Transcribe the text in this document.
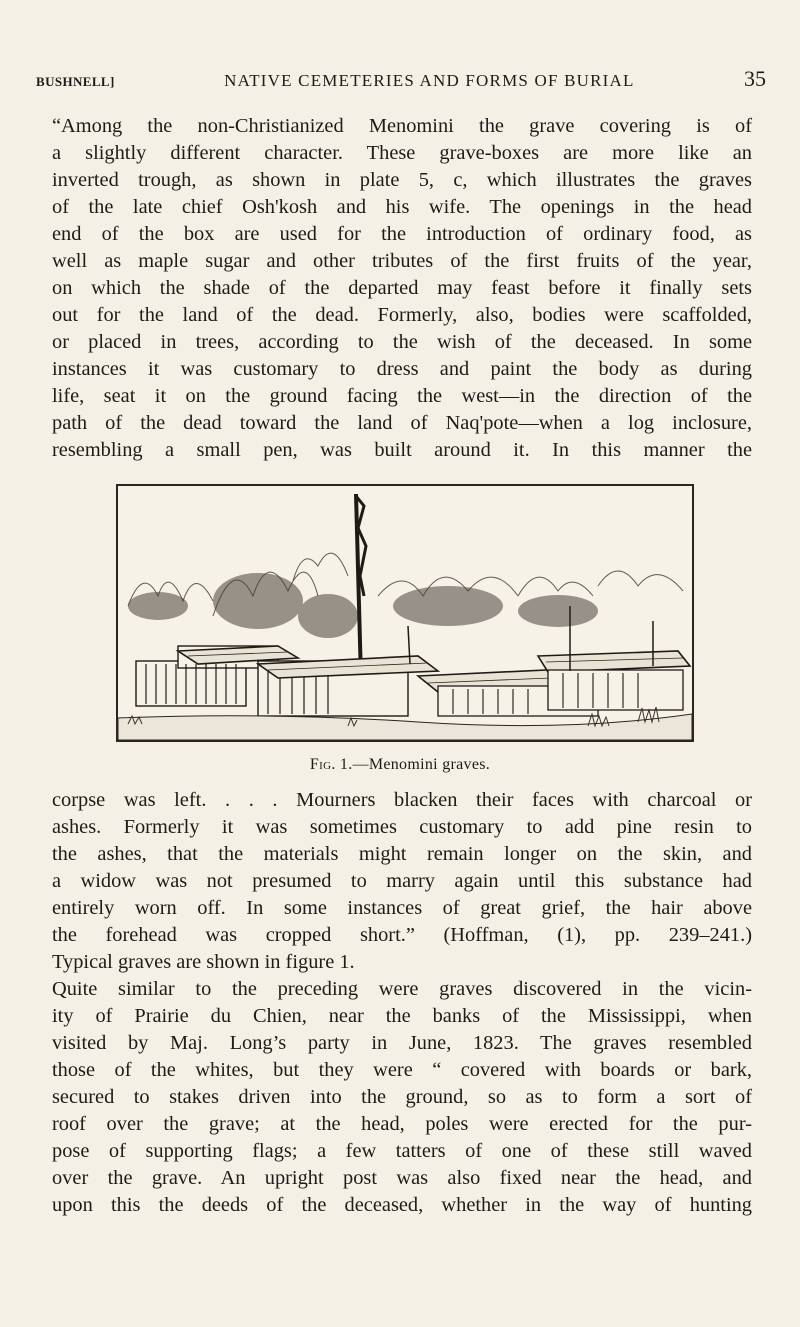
BUSHNELL]	NATIVE CEMETERIES AND FORMS OF BURIAL	35
“Among the non-Christianized Menomini the grave covering is of
a slightly different character. These grave-boxes are more like an
inverted trough, as shown in plate 5, c, which illustrates the graves
of the late chief Osh'kosh and his wife. The openings in the head
end of the box are used for the introduction of ordinary food, as
well as maple sugar and other tributes of the first fruits of the year,
on which the shade of the departed may feast before it finally sets
out for the land of the dead. Formerly, also, bodies were scaffolded,
or placed in trees, according to the wish of the deceased. In some
instances it was customary to dress and paint the body as during
life, seat it on the ground facing the west—in the direction of the
path of the dead toward the land of Naq'pote—when a log inclosure,
resembling a small pen, was built around it. In this manner the
Fig. 1.—Menomini graves.
corpse was left. . . . Mourners blacken their faces with charcoal or
ashes. Formerly it was sometimes customary to add pine resin to
the ashes, that the materials might remain longer on the skin, and
a widow was not presumed to marry again until this substance had
entirely worn off. In some instances of great grief, the hair above
the forehead was cropped short.” (Hoffman, (1), pp. 239–241.)
Typical graves are shown in figure 1.
Quite similar to the preceding were graves discovered in the vicin-
ity of Prairie du Chien, near the banks of the Mississippi, when
visited by Maj. Long’s party in June, 1823. The graves resembled
those of the whites, but they were “ covered with boards or bark,
secured to stakes driven into the ground, so as to form a sort of
roof over the grave; at the head, poles were erected for the pur-
pose of supporting flags; a few tatters of one of these still waved
over the grave. An upright post was also fixed near the head, and
upon this the deeds of the deceased, whether in the way of hunting
